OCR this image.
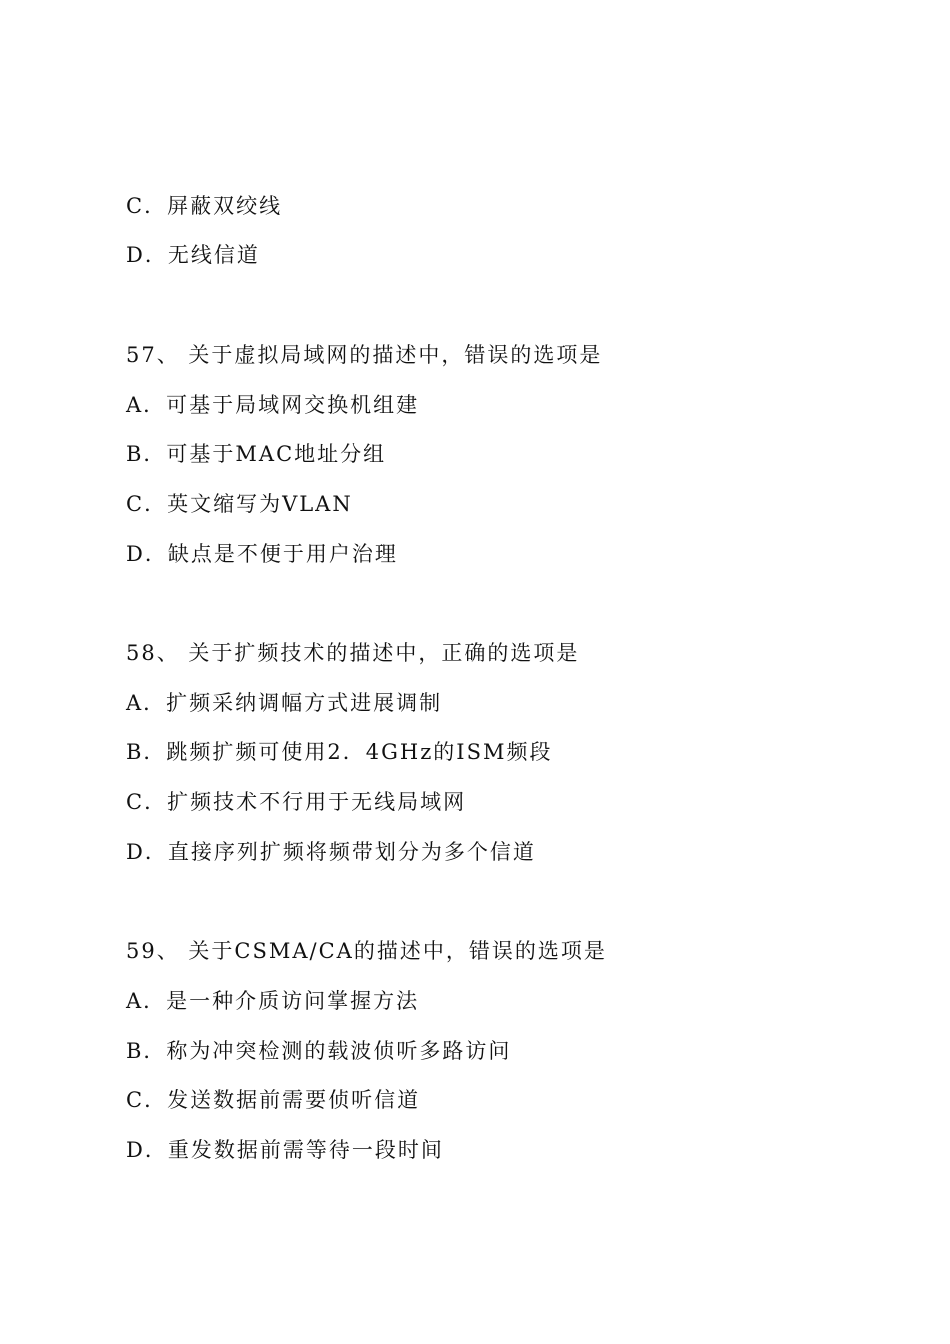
C．屏蔽双绞线
D．无线信道
57、 关于虚拟局域网的描述中，错误的选项是
A．可基于局域网交换机组建
B．可基于MAC地址分组
C．英文缩写为VLAN
D．缺点是不便于用户治理
58、 关于扩频技术的描述中，正确的选项是
A．扩频采纳调幅方式进展调制
B．跳频扩频可使用2．4GHz的ISM频段
C．扩频技术不行用于无线局域网
D．直接序列扩频将频带划分为多个信道
59、 关于CSMA/CA的描述中，错误的选项是
A．是一种介质访问掌握方法
B．称为冲突检测的载波侦听多路访问
C．发送数据前需要侦听信道
D．重发数据前需等待一段时间
